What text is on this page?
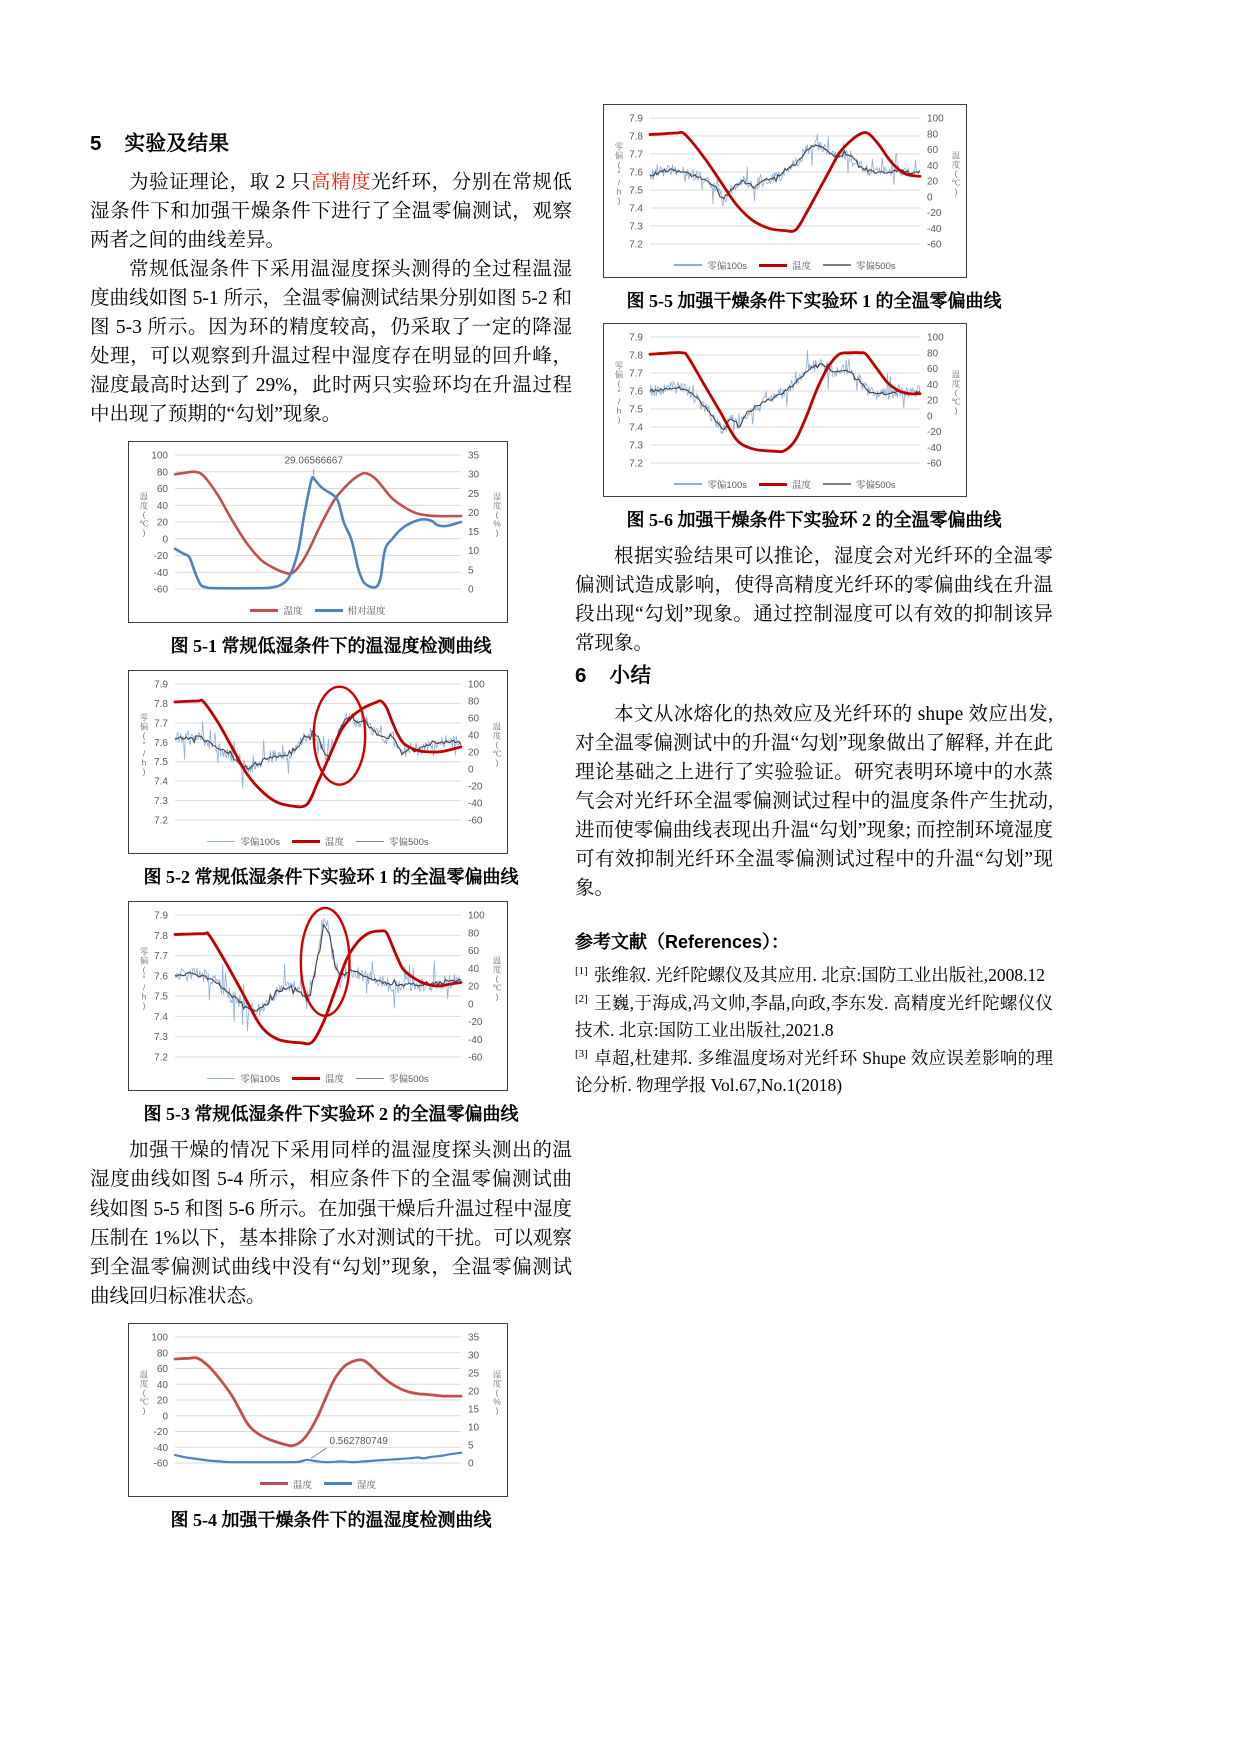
5 实验及结果

为验证理论，取 2 只高精度光纤环，分别在常规低湿条件下和加强干燥条件下进行了全温零偏测试，观察两者之间的曲线差异。

常规低湿条件下采用温湿度探头测得的全过程温湿度曲线如图 5-1 所示，全温零偏测试结果分别如图 5-2 和图 5-3 所示。因为环的精度较高，仍采取了一定的降湿处理，可以观察到升温过程中湿度存在明显的回升峰，湿度最高时达到了 29%，此时两只实验环均在升温过程中出现了预期的“勾划”现象。

100
80
60
40
20
0
-20
-40
-60
35
30
25
20
15
10
5
0
温度( ℃ )
湿度( % )
29.06566667
温度	相对湿度
图 5-1 常规低湿条件下的温湿度检测曲线
7.9
7.8
7.7
7.6
7.5
7.4
7.3
7.2
100
80
60
40
20
0
-20
-40
-60
零偏( ° / h )
温度( ℃ )
零偏100s	温度	零偏500s
图 5-2 常规低湿条件下实验环 1 的全温零偏曲线
7.9
7.8
7.7
7.6
7.5
7.4
7.3
7.2
100
80
60
40
20
0
-20
-40
-60
零偏( ° / h )
温度( ℃ )
零偏100s	温度	零偏500s
图 5-3 常规低湿条件下实验环 2 的全温零偏曲线

加强干燥的情况下采用同样的温湿度探头测出的温湿度曲线如图 5-4 所示，相应条件下的全温零偏测试曲线如图 5-5 和图 5-6 所示。在加强干燥后升温过程中湿度压制在 1%以下，基本排除了水对测试的干扰。可以观察到全温零偏测试曲线中没有“勾划”现象，全温零偏测试曲线回归标准状态。

100
80
60
40
20
0
-20
-40
-60
35
30
25
20
15
10
5
0
温度( ℃ )
湿度( % )
0.562780749
温度	湿度
图 5-4 加强干燥条件下的温湿度检测曲线
7.9
7.8
7.7
7.6
7.5
7.4
7.3
7.2
100
80
60
40
20
0
-20
-40
-60
零偏( ° / h )
温度( ℃ )
零偏100s	温度	零偏500s
图 5-5 加强干燥条件下实验环 1 的全温零偏曲线
7.9
7.8
7.7
7.6
7.5
7.4
7.3
7.2
100
80
60
40
20
0
-20
-40
-60
零偏( ° / h )
温度( ℃ )
零偏100s	温度	零偏500s
图 5-6 加强干燥条件下实验环 2 的全温零偏曲线

根据实验结果可以推论，湿度会对光纤环的全温零偏测试造成影响，使得高精度光纤环的零偏曲线在升温段出现“勾划”现象。通过控制湿度可以有效的抑制该异常现象。

6 小结

本文从冰熔化的热效应及光纤环的 shupe 效应出发, 对全温零偏测试中的升温“勾划”现象做出了解释, 并在此理论基础之上进行了实验验证。研究表明环境中的水蒸气会对光纤环全温零偏测试过程中的温度条件产生扰动, 进而使零偏曲线表现出升温“勾划”现象; 而控制环境湿度可有效抑制光纤环全温零偏测试过程中的升温“勾划”现象。

参考文献（References）：

[1] 张维叙. 光纤陀螺仪及其应用. 北京:国防工业出版社,2008.12

[2] 王巍,于海成,冯文帅,李晶,向政,李东发. 高精度光纤陀螺仪仪技术. 北京:国防工业出版社,2021.8

[3] 卓超,杜建邦. 多维温度场对光纤环 Shupe 效应误差影响的理论分析. 物理学报 Vol.67,No.1(2018)
